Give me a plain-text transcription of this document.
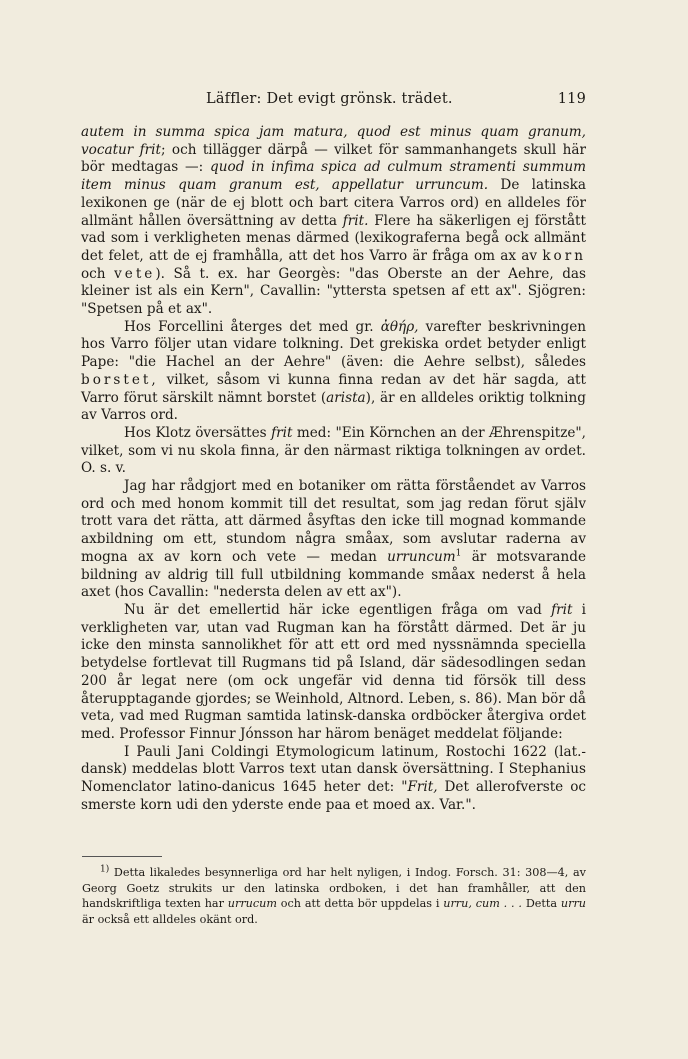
Läffler: Det evigt grönsk. trädet.	119

autem in summa spica jam matura, quod est minus quam granum, vocatur frit; och tillägger därpå — vilket för sammanhangets skull här bör medtagas —: quod in infima spica ad culmum stramenti summum item minus quam granum est, appellatur urruncum. De latinska lexikonen ge (när de ej blott och bart citera Varros ord) en alldeles för allmänt hållen översättning av detta frit. Flere ha säkerligen ej förstått vad som i verkligheten menas därmed (lexikograferna begå ock allmänt det felet, att de ej framhålla, att det hos Varro är fråga om ax av korn och vete). Så t. ex. har Georgès: "das Oberste an der Aehre, das kleiner ist als ein Kern", Cavallin: "yttersta spetsen af ett ax". Sjögren: "Spetsen på et ax".

Hos Forcellini återges det med gr. ἀθήρ, varefter beskrivningen hos Varro följer utan vidare tolkning. Det grekiska ordet betyder enligt Pape: "die Hachel an der Aehre" (även: die Aehre selbst), således borstet, vilket, såsom vi kunna finna redan av det här sagda, att Varro förut särskilt nämnt borstet (arista), är en alldeles oriktig tolkning av Varros ord.

Hos Klotz översättes frit med: "Ein Körnchen an der Æhrenspitze", vilket, som vi nu skola finna, är den närmast riktiga tolkningen av ordet. O. s. v.

Jag har rådgjort med en botaniker om rätta förståendet av Varros ord och med honom kommit till det resultat, som jag redan förut själv trott vara det rätta, att därmed åsyftas den icke till mognad kommande axbildning om ett, stundom några småax, som avslutar raderna av mogna ax av korn och vete — medan urruncum$^1$ är motsvarande bildning av aldrig till full utbildning kommande småax nederst å hela axet (hos Cavallin: "nedersta delen av ett ax").

Nu är det emellertid här icke egentligen fråga om vad frit i verkligheten var, utan vad Rugman kan ha förstått därmed. Det är ju icke den minsta sannolikhet för att ett ord med nyssnämnda speciella betydelse fortlevat till Rugmans tid på Island, där sädesodlingen sedan 200 år legat nere (om ock ungefär vid denna tid försök till dess återupptagande gjordes; se Weinhold, Altnord. Leben, s. 86). Man bör då veta, vad med Rugman samtida latinsk-danska ordböcker återgiva ordet med. Professor Finnur Jónsson har härom benäget meddelat följande:

I Pauli Jani Coldingi Etymologicum latinum, Rostochi 1622 (lat.-dansk) meddelas blott Varros text utan dansk översättning. I Stephanius Nomenclator latino-danicus 1645 heter det: "Frit, Det allerofverste oc smerste korn udi den yderste ende paa et moed ax. Var.".

$^{1)}$ Detta likaledes besynnerliga ord har helt nyligen, i Indog. Forsch. 31: 308—4, av Georg Goetz strukits ur den latinska ordboken, i det han framhåller, att den handskriftliga texten har urrucum och att detta bör uppdelas i urru, cum . . . Detta urru är också ett alldeles okänt ord.
